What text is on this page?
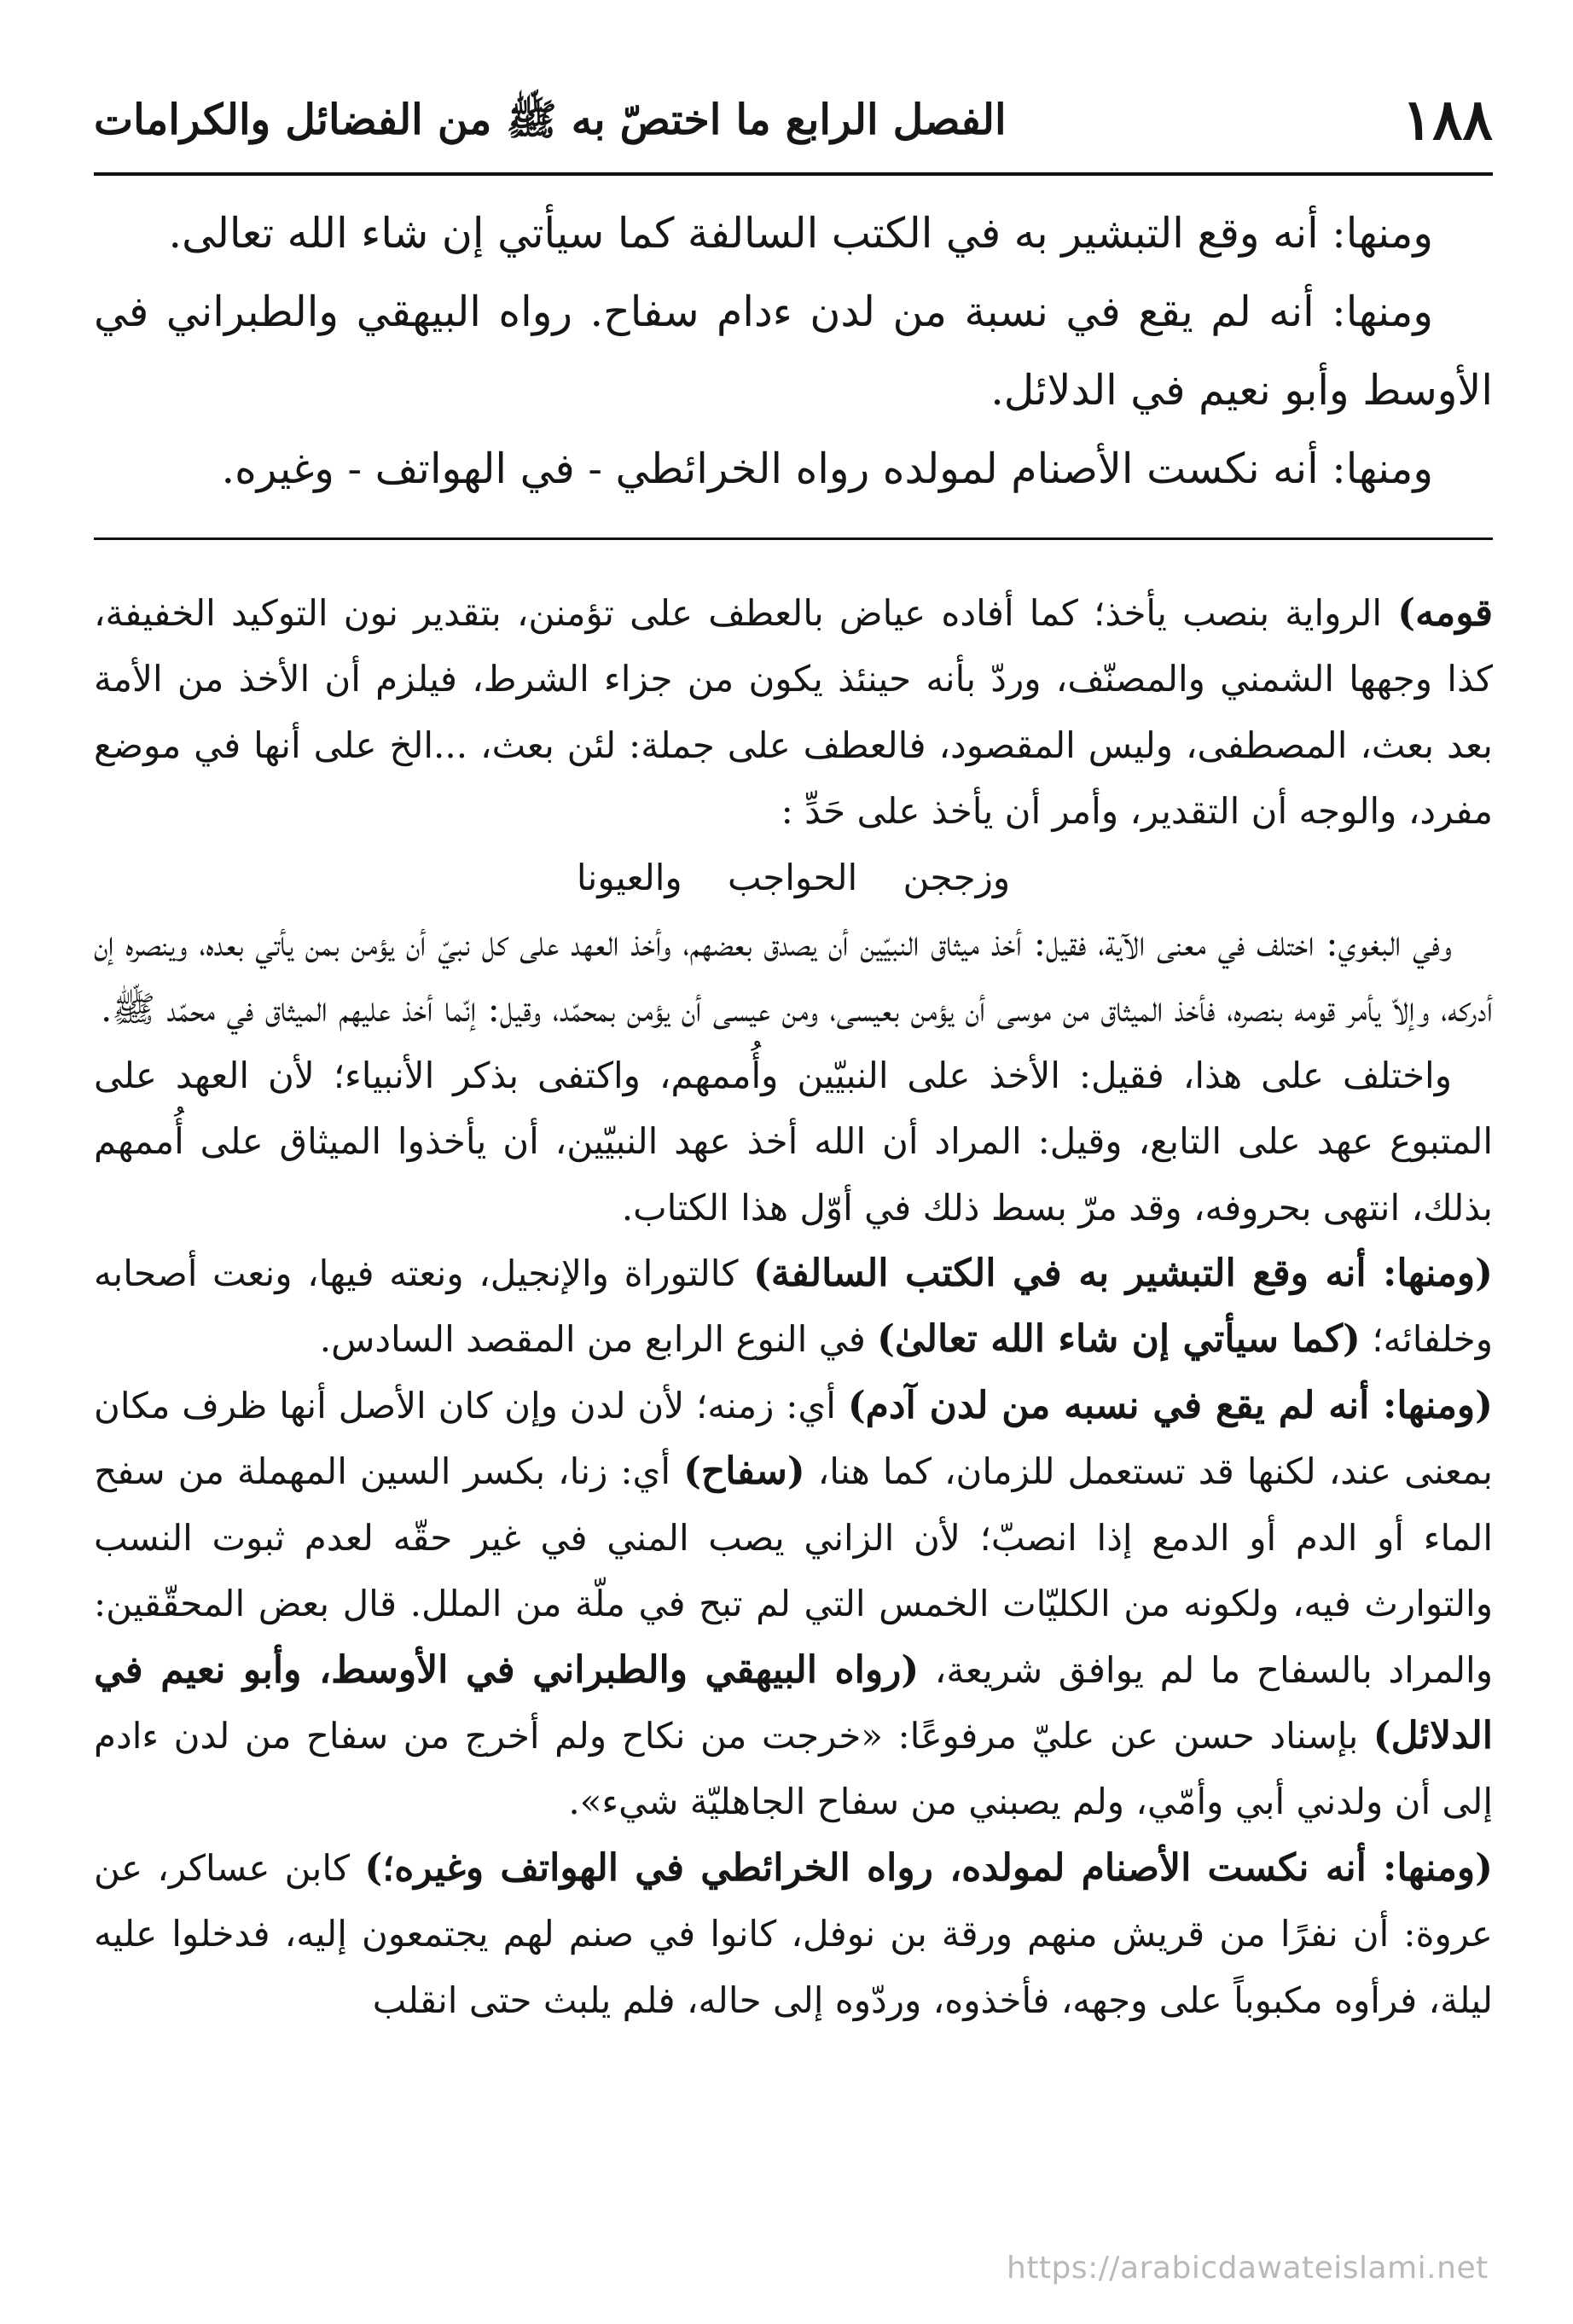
١٨٨
الفصل الرابع ما اختصّ به ﷺ من الفضائل والكرامات

ومنها: أنه وقع التبشير به في الكتب السالفة كما سيأتي إن شاء الله تعالى.

ومنها: أنه لم يقع في نسبة من لدن ءدام سفاح. رواه البيهقي والطبراني في الأوسط وأبو نعيم في الدلائل.

ومنها: أنه نكست الأصنام لمولده رواه الخرائطي - في الهواتف - وغيره.

قومه) الرواية بنصب يأخذ؛ كما أفاده عياض بالعطف على تؤمنن، بتقدير نون التوكيد الخفيفة، كذا وجهها الشمني والمصنّف، وردّ بأنه حينئذ يكون من جزاء الشرط، فيلزم أن الأخذ من الأمة بعد بعث، المصطفى، وليس المقصود، فالعطف على جملة: لئن بعث، ...الخ على أنها في موضع مفرد، والوجه أن التقدير، وأمر أن يأخذ على حَدِّ :

وزججن الحواجب والعيونا

وفي البغوي: اختلف في معنى الآية، فقيل: أخذ ميثاق النبيّين أن يصدق بعضهم، وأخذ العهد على كل نبيّ أن يؤمن بمن يأتي بعده، وينصره إن أدركه، وإلاّ يأمر قومه بنصره، فأخذ الميثاق من موسى أن يؤمن بعيسى، ومن عيسى أن يؤمن بمحمّد، وقيل: إنّما أخذ عليهم الميثاق في محمّد ﷺ.

واختلف على هذا، فقيل: الأخذ على النبيّين وأُممهم، واكتفى بذكر الأنبياء؛ لأن العهد على المتبوع عهد على التابع، وقيل: المراد أن الله أخذ عهد النبيّين، أن يأخذوا الميثاق على أُممهم بذلك، انتهى بحروفه، وقد مرّ بسط ذلك في أوّل هذا الكتاب.

(ومنها: أنه وقع التبشير به في الكتب السالفة) كالتوراة والإنجيل، ونعته فيها، ونعت أصحابه وخلفائه؛ (كما سيأتي إن شاء الله تعالىٰ) في النوع الرابع من المقصد السادس.

(ومنها: أنه لم يقع في نسبه من لدن آدم) أي: زمنه؛ لأن لدن وإن كان الأصل أنها ظرف مكان بمعنى عند، لكنها قد تستعمل للزمان، كما هنا، (سفاح) أي: زنا، بكسر السين المهملة من سفح الماء أو الدم أو الدمع إذا انصبّ؛ لأن الزاني يصب المني في غير حقّه لعدم ثبوت النسب والتوارث فيه، ولكونه من الكليّات الخمس التي لم تبح في ملّة من الملل. قال بعض المحقّقين: والمراد بالسفاح ما لم يوافق شريعة، (رواه البيهقي والطبراني في الأوسط، وأبو نعيم في الدلائل) بإسناد حسن عن عليّ مرفوعًا: «خرجت من نكاح ولم أخرج من سفاح من لدن ءادم إلى أن ولدني أبي وأمّي، ولم يصبني من سفاح الجاهليّة شيء».

(ومنها: أنه نكست الأصنام لمولده، رواه الخرائطي في الهواتف وغيره؛) كابن عساكر، عن عروة: أن نفرًا من قريش منهم ورقة بن نوفل، كانوا في صنم لهم يجتمعون إليه، فدخلوا عليه ليلة، فرأوه مكبوباً على وجهه، فأخذوه، وردّوه إلى حاله، فلم يلبث حتى انقلب

https://arabicdawateislami.net
